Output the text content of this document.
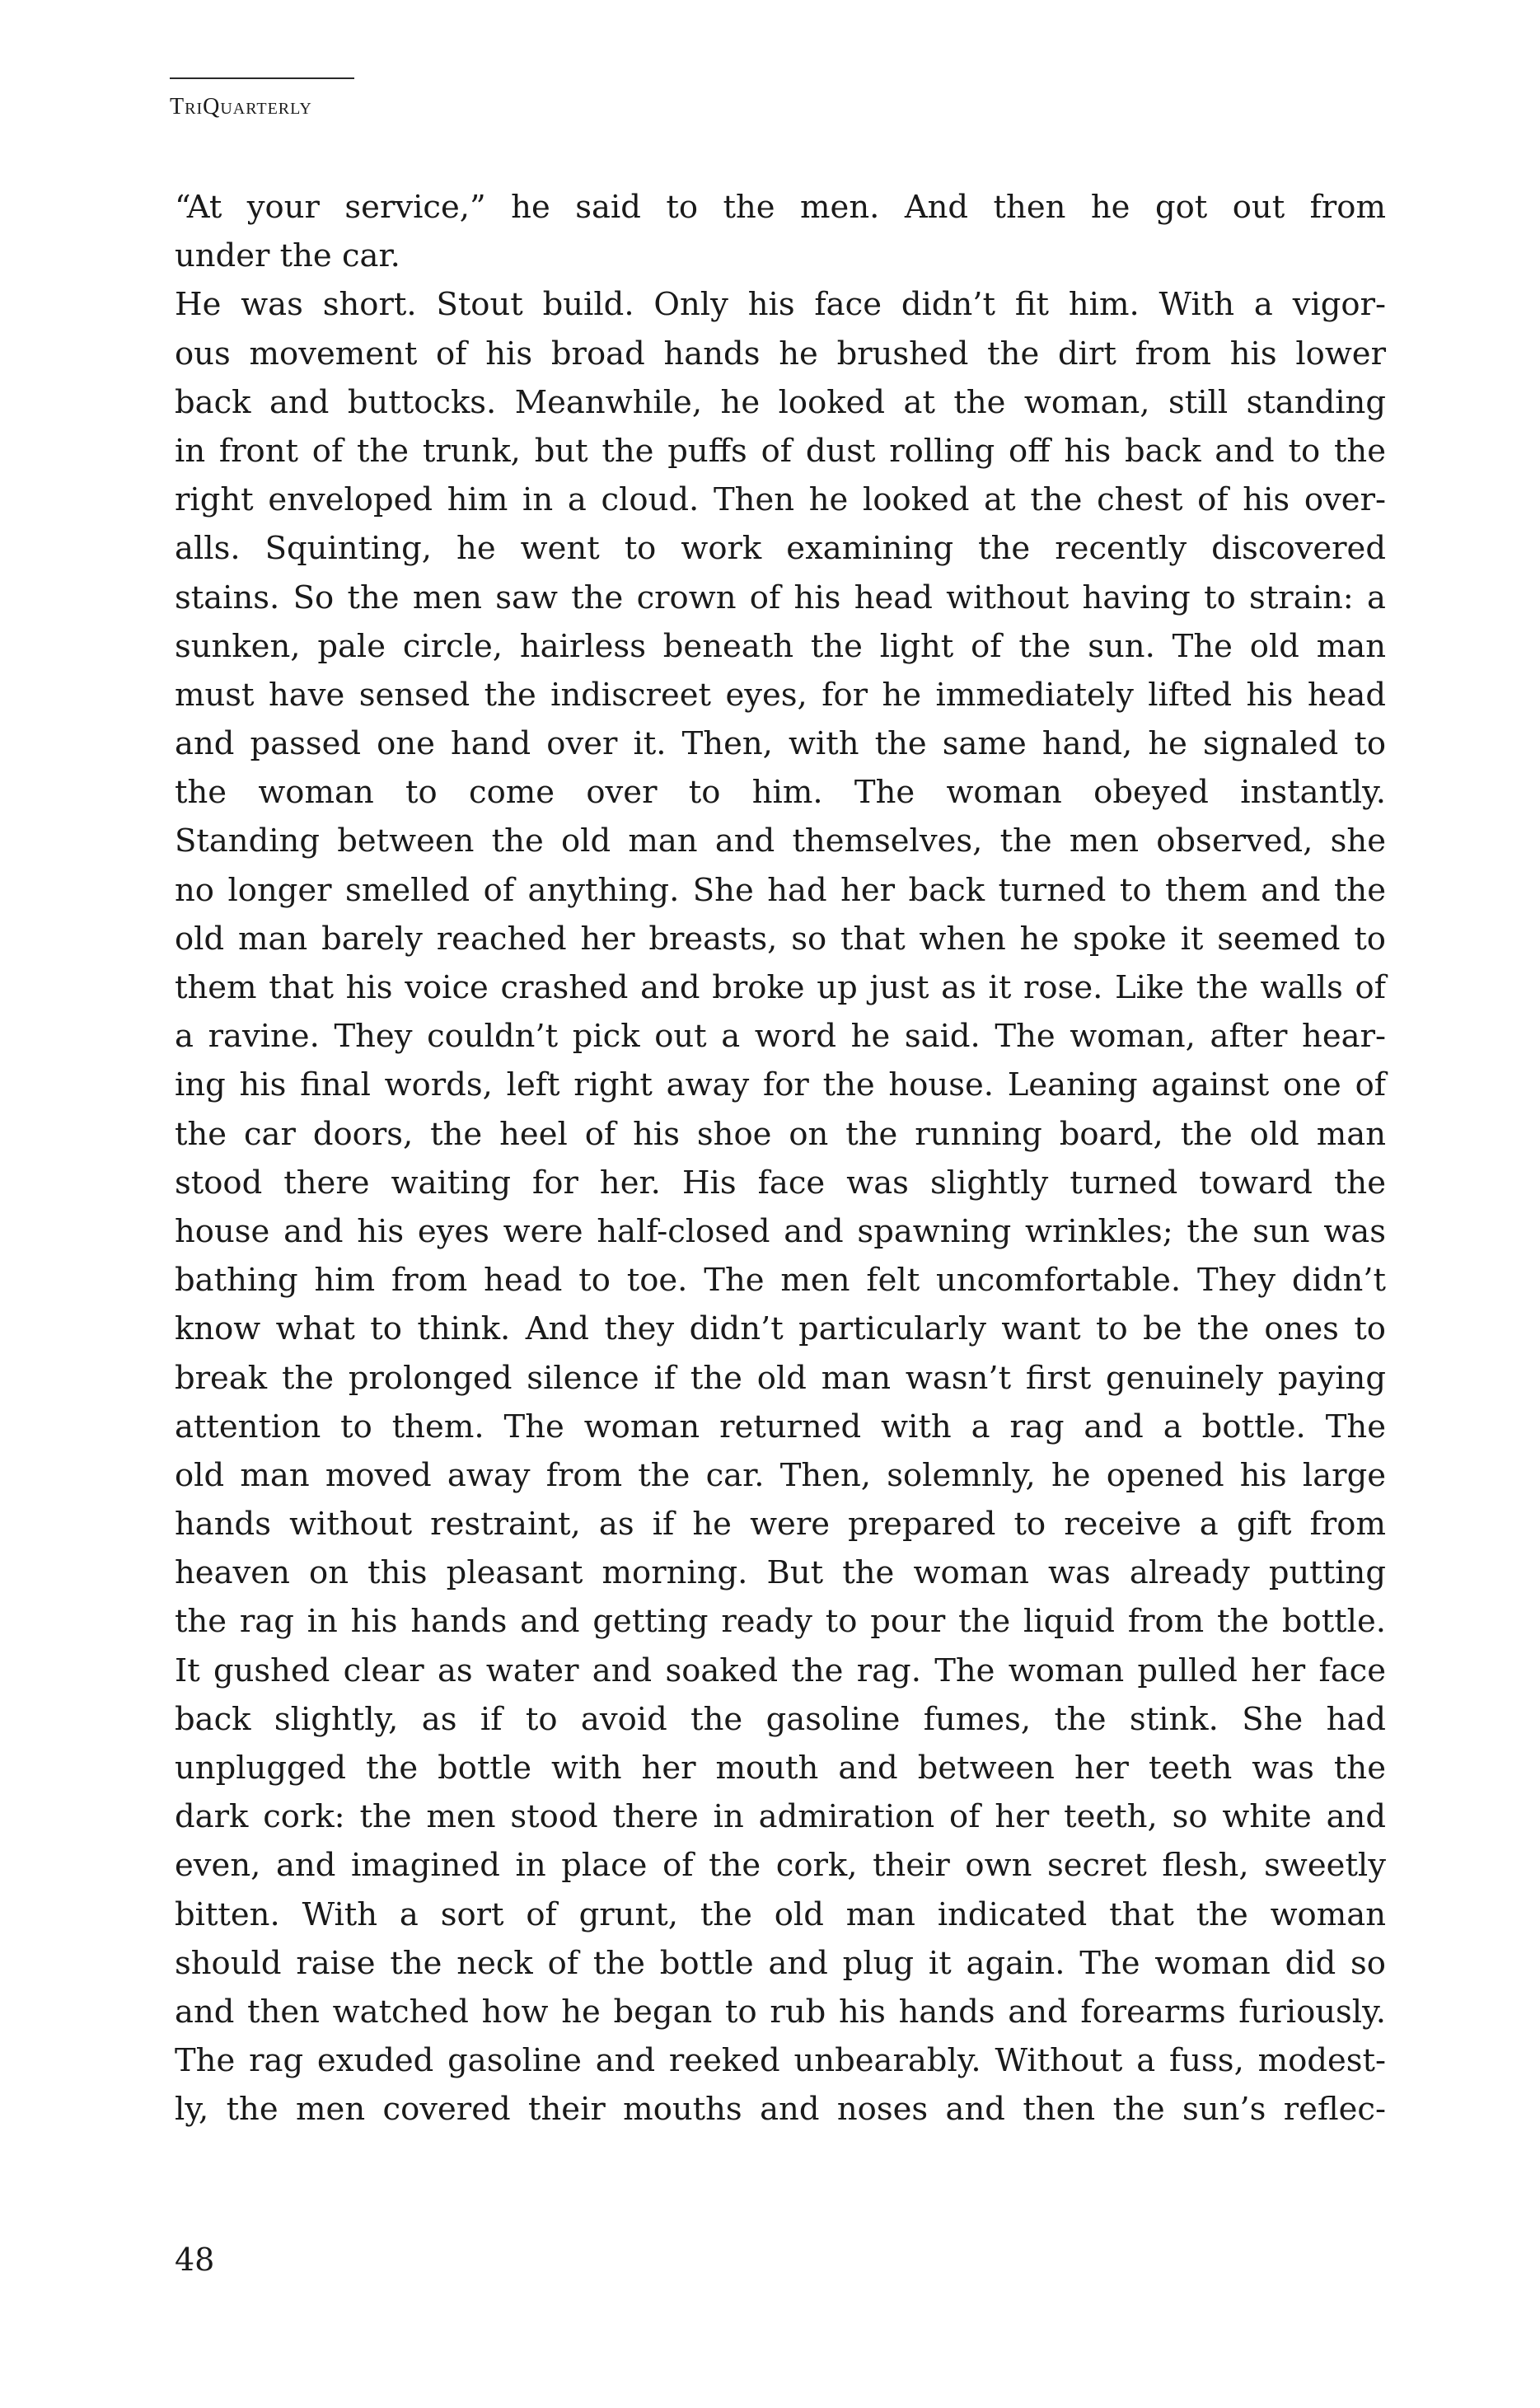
TriQuarterly
“At your service,” he said to the men. And then he got out from
under the car.
He was short. Stout build. Only his face didn’t fit him. With a vigor-
ous movement of his broad hands he brushed the dirt from his lower
back and buttocks. Meanwhile, he looked at the woman, still standing
in front of the trunk, but the puffs of dust rolling off his back and to the
right enveloped him in a cloud. Then he looked at the chest of his over-
alls. Squinting, he went to work examining the recently discovered
stains. So the men saw the crown of his head without having to strain: a
sunken, pale circle, hairless beneath the light of the sun. The old man
must have sensed the indiscreet eyes, for he immediately lifted his head
and passed one hand over it. Then, with the same hand, he signaled to
the woman to come over to him. The woman obeyed instantly.
Standing between the old man and themselves, the men observed, she
no longer smelled of anything. She had her back turned to them and the
old man barely reached her breasts, so that when he spoke it seemed to
them that his voice crashed and broke up just as it rose. Like the walls of
a ravine. They couldn’t pick out a word he said. The woman, after hear-
ing his final words, left right away for the house. Leaning against one of
the car doors, the heel of his shoe on the running board, the old man
stood there waiting for her. His face was slightly turned toward the
house and his eyes were half-closed and spawning wrinkles; the sun was
bathing him from head to toe. The men felt uncomfortable. They didn’t
know what to think. And they didn’t particularly want to be the ones to
break the prolonged silence if the old man wasn’t first genuinely paying
attention to them. The woman returned with a rag and a bottle. The
old man moved away from the car. Then, solemnly, he opened his large
hands without restraint, as if he were prepared to receive a gift from
heaven on this pleasant morning. But the woman was already putting
the rag in his hands and getting ready to pour the liquid from the bottle.
It gushed clear as water and soaked the rag. The woman pulled her face
back slightly, as if to avoid the gasoline fumes, the stink. She had
unplugged the bottle with her mouth and between her teeth was the
dark cork: the men stood there in admiration of her teeth, so white and
even, and imagined in place of the cork, their own secret flesh, sweetly
bitten. With a sort of grunt, the old man indicated that the woman
should raise the neck of the bottle and plug it again. The woman did so
and then watched how he began to rub his hands and forearms furiously.
The rag exuded gasoline and reeked unbearably. Without a fuss, modest-
ly, the men covered their mouths and noses and then the sun’s reflec-
48
